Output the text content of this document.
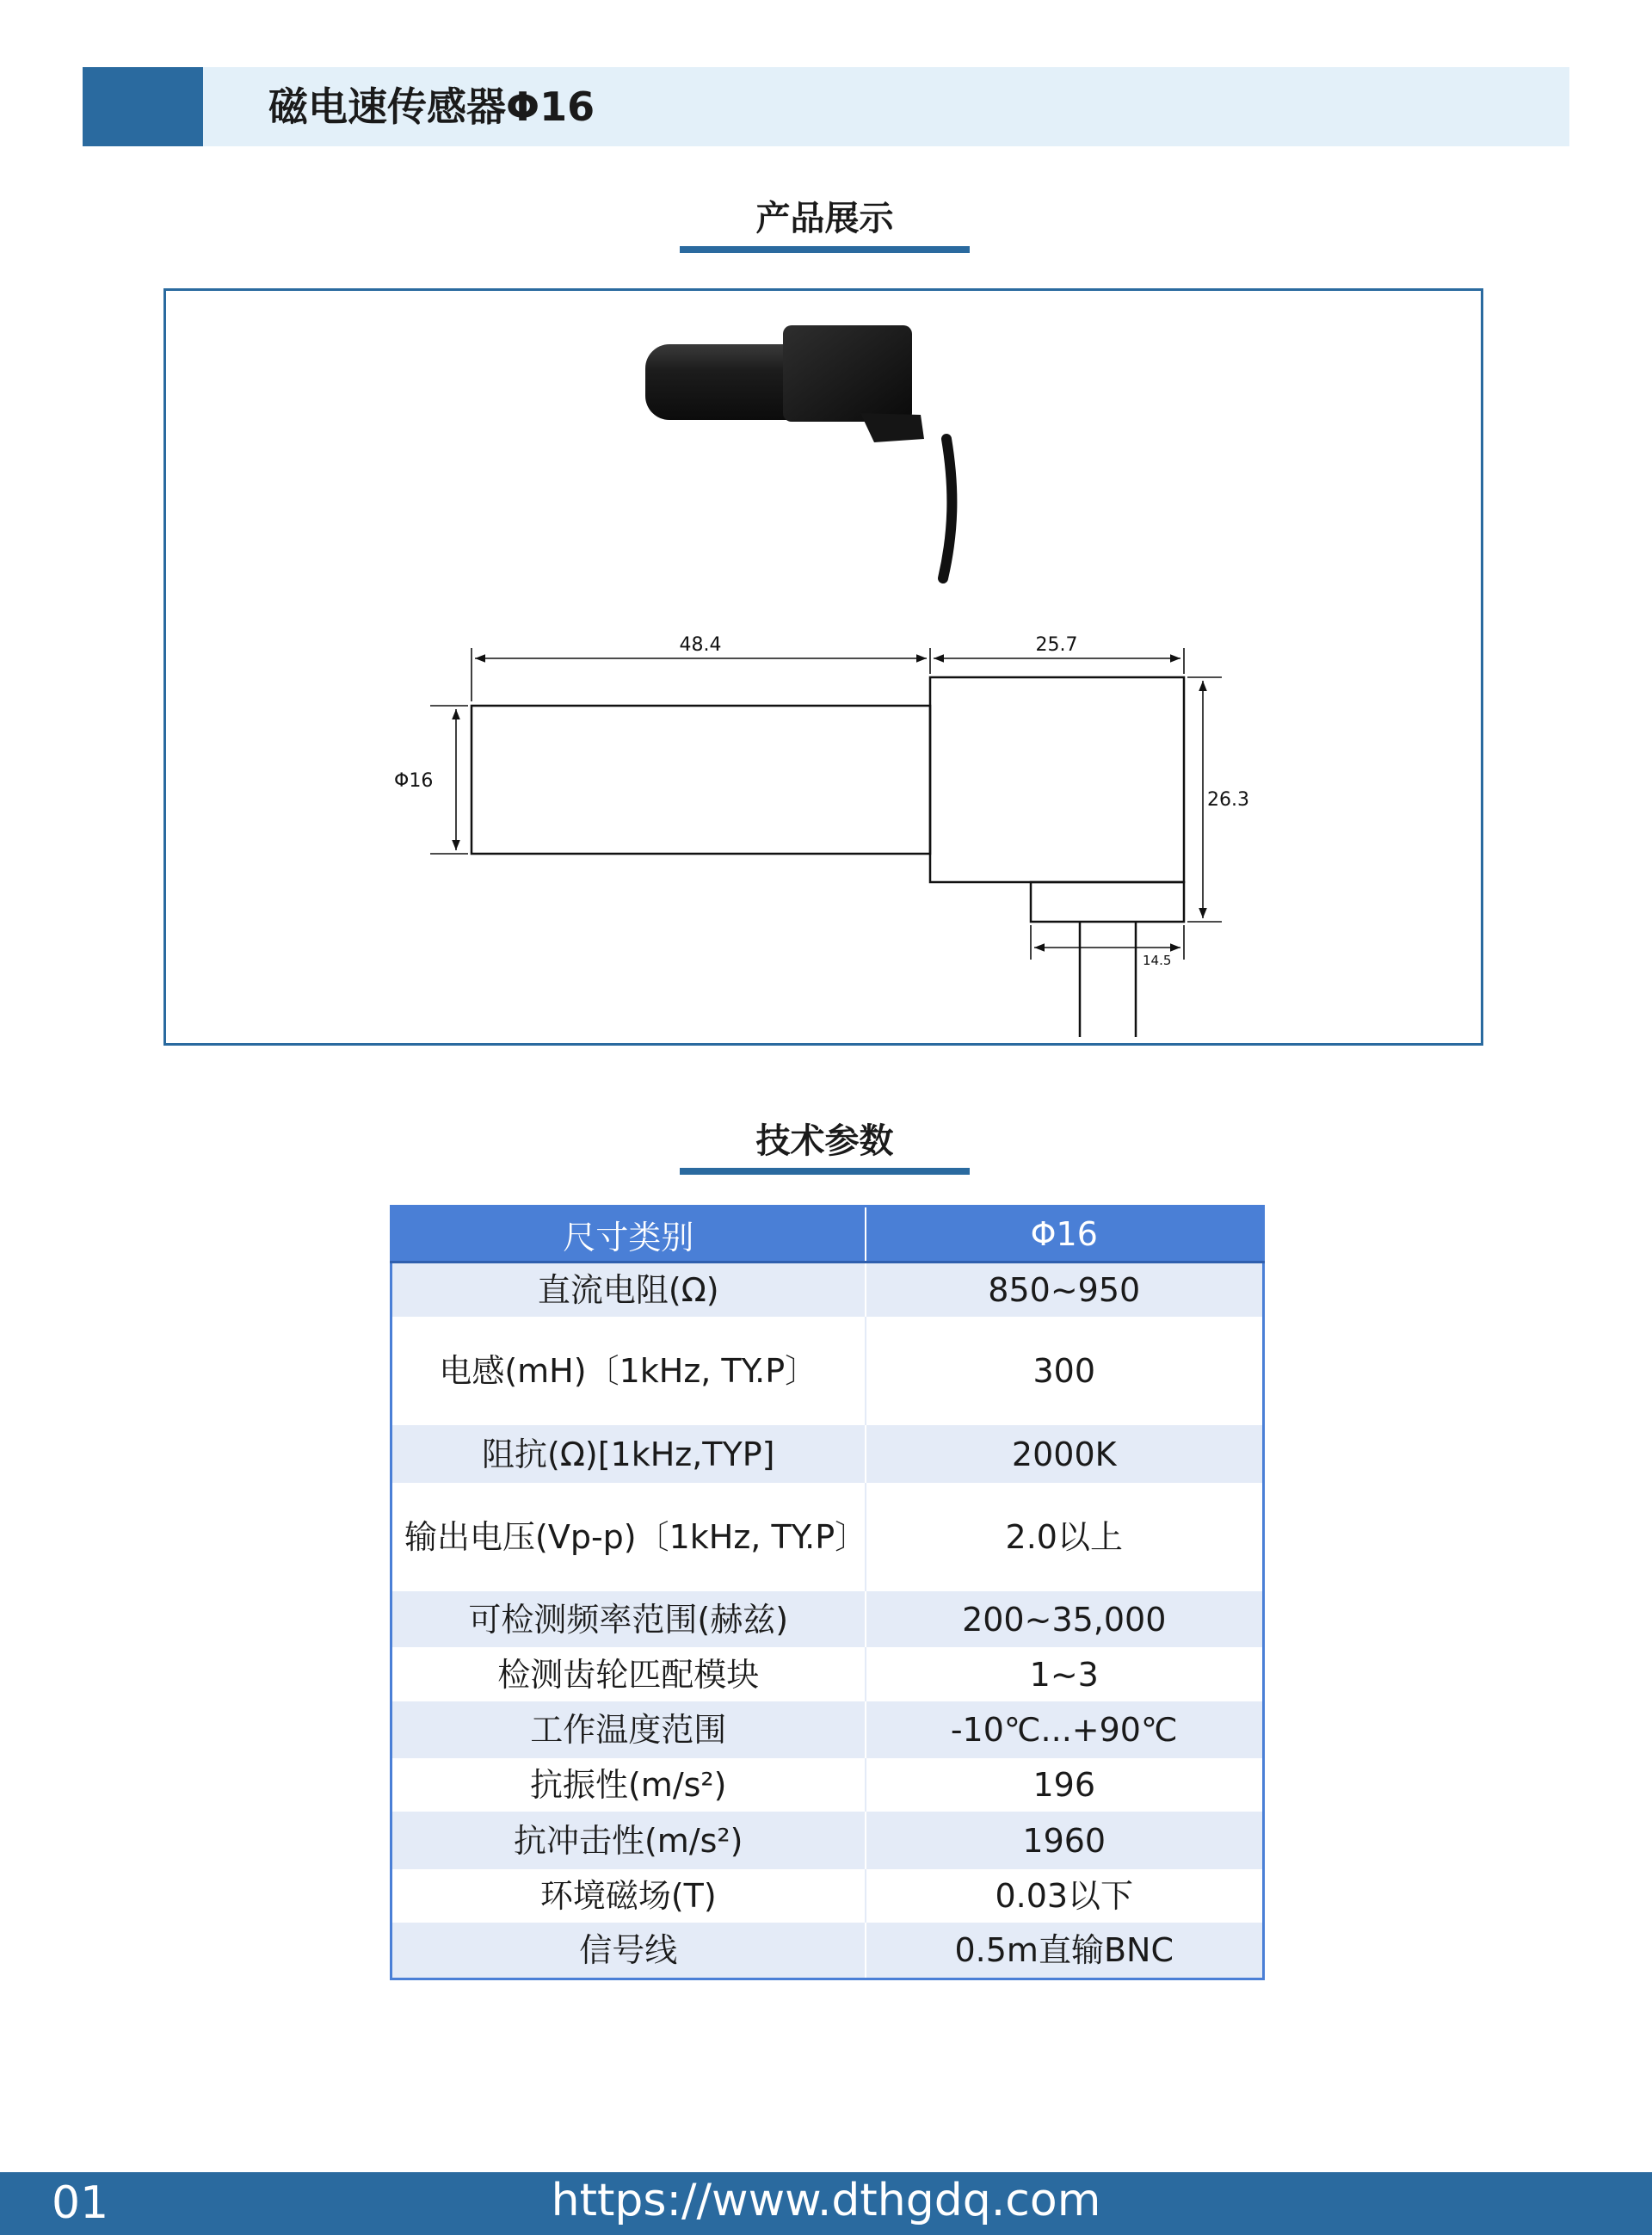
磁电速传感器Φ16
产品展示
48.4	25.7
Φ16
26.3
14.5
技术参数
尺寸类别	Φ16
直流电阻(Ω)	850~950
电感(mH)〔1kHz, TY.P〕	300
阻抗(Ω)[1kHz,TYP]	2000K
输出电压(Vp-p)〔1kHz, TY.P〕	2.0以上
可检测频率范围(赫兹)	200~35,000
检测齿轮匹配模块	1~3
工作温度范围	-10℃...+90℃
抗振性(m/s²)	196
抗冲击性(m/s²)	1960
环境磁场(T)	0.03以下
信号线	0.5m直输BNC
https://www.dthgdq.com
01
